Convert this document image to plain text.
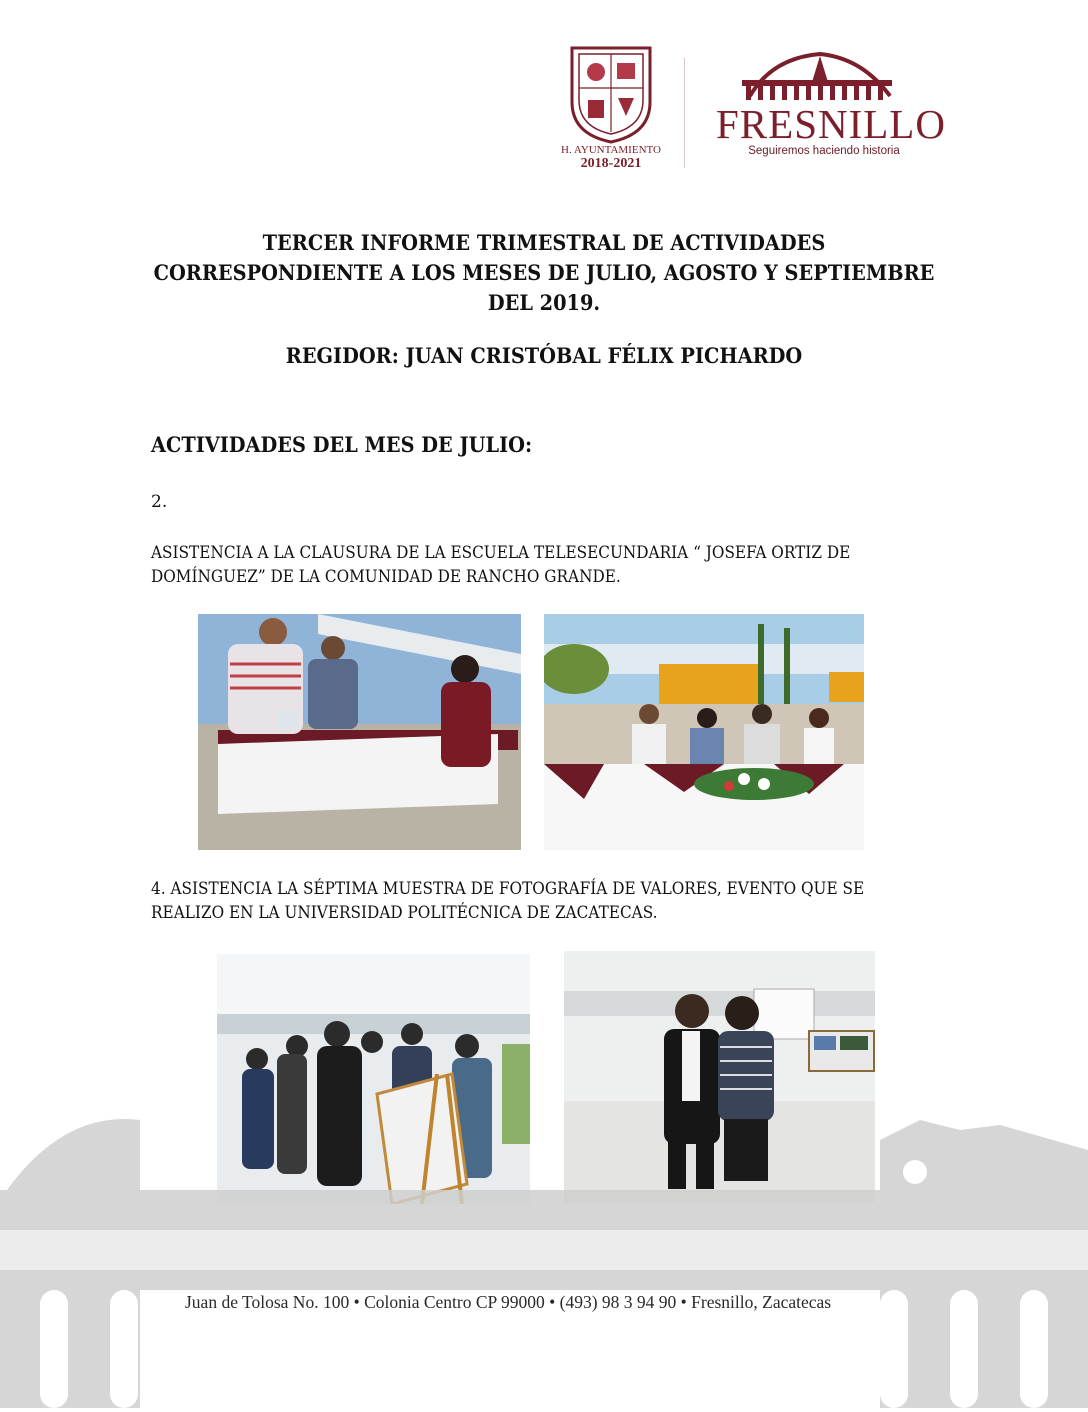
H. AYUNTAMIENTO
2018-2021
FRESNILLO
Seguiremos haciendo historia
TERCER INFORME TRIMESTRAL DE ACTIVIDADES CORRESPONDIENTE A LOS MESES DE JULIO, AGOSTO Y SEPTIEMBRE DEL 2019.
REGIDOR: JUAN CRISTÓBAL FÉLIX PICHARDO
ACTIVIDADES DEL MES DE JULIO:
2.
ASISTENCIA A LA CLAUSURA DE LA ESCUELA TELESECUNDARIA “ JOSEFA ORTIZ DE DOMÍNGUEZ” DE LA COMUNIDAD DE RANCHO GRANDE.
4. ASISTENCIA LA SÉPTIMA MUESTRA DE FOTOGRAFÍA DE VALORES, EVENTO QUE SE REALIZO EN LA UNIVERSIDAD POLITÉCNICA DE ZACATECAS.
Juan de Tolosa No. 100 • Colonia Centro CP 99000 • (493) 98 3 94 90 • Fresnillo, Zacatecas
